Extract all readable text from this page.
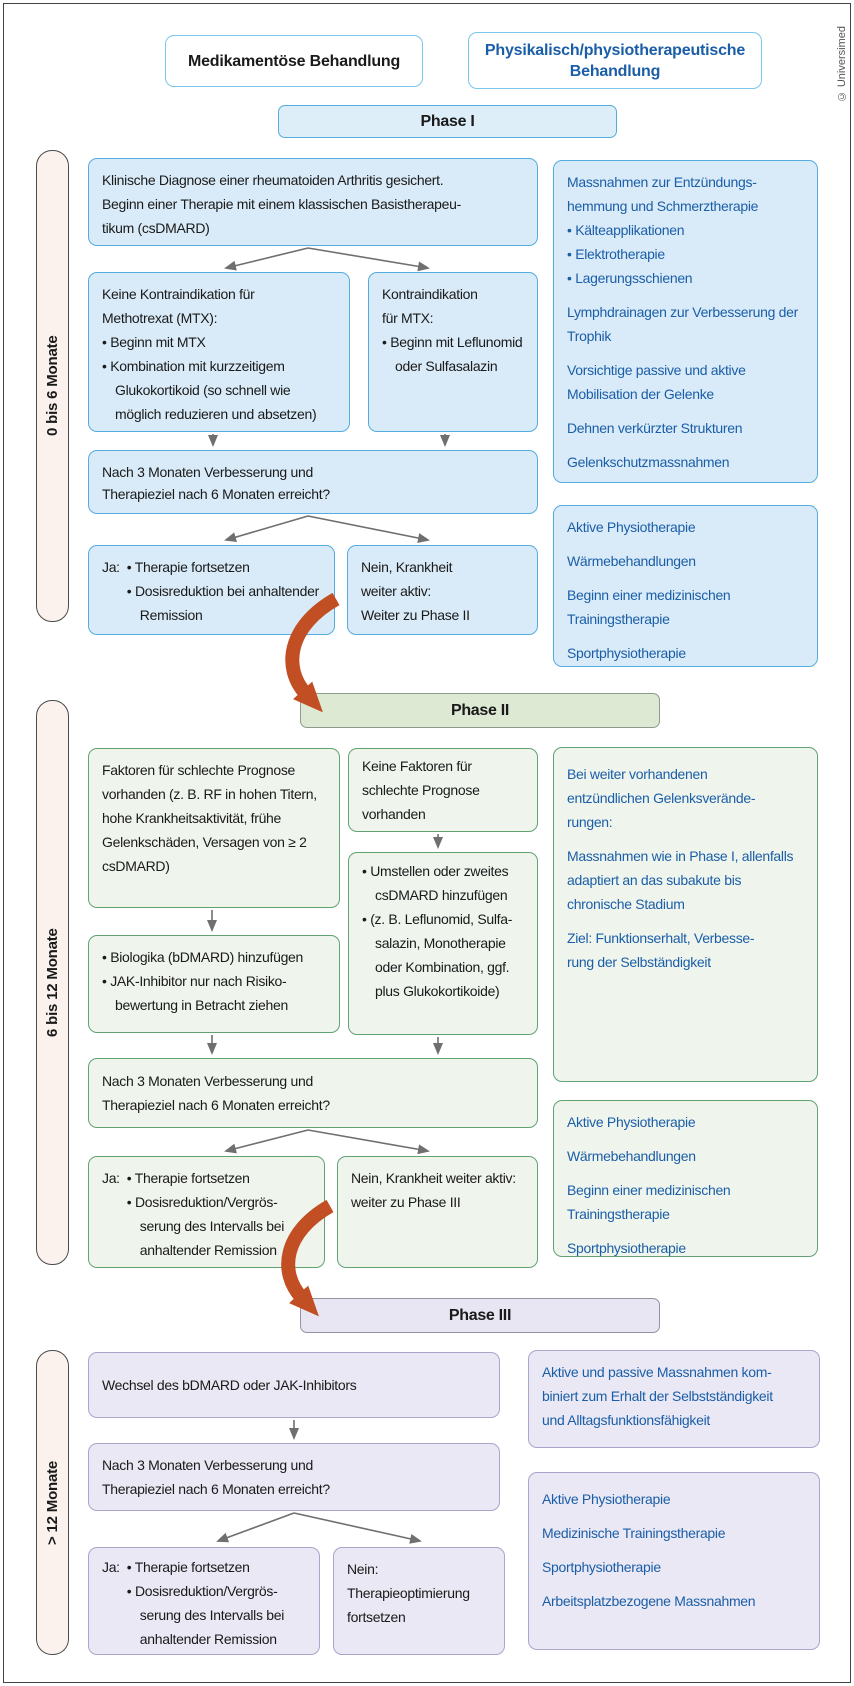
Medikamentöse Behandlung
Physikalisch/physiotherapeutische
Behandlung	© Universimed
Phase I
0 bis 6 Monate
Klinische Diagnose einer rheumatoiden Arthritis gesichert.
Beginn einer Therapie mit einem klassischen Basistherapeu-
tikum (csDMARD)
Keine Kontraindikation für
Methotrexat (MTX):
• Beginn mit MTX
• Kombination mit kurzzeitigem Glukokortikoid (so schnell wie möglich reduzieren und absetzen)
Kontraindikation
für MTX:
• Beginn mit Leflunomid oder Sulfasalazin
Nach 3 Monaten Verbesserung und
Therapieziel nach 6 Monaten erreicht?
Ja: • Therapie fortsetzen
• Dosisreduktion bei anhaltender Remission
Nein, Krankheit
weiter aktiv:
Weiter zu Phase II
Massnahmen zur Entzündungs-
hemmung und Schmerztherapie
• Kälteapplikationen
• Elektrotherapie
• Lagerungsschienen
Lymphdrainagen zur Verbesserung der Trophik
Vorsichtige passive und aktive Mobilisation der Gelenke
Dehnen verkürzter Strukturen
Gelenkschutzmassnahmen
Aktive Physiotherapie
Wärmebehandlungen
Beginn einer medizinischen Trainingstherapie
Sportphysiotherapie
Phase II
6 bis 12 Monate
Faktoren für schlechte Prognose vorhanden (z. B. RF in hohen Titern, hohe Krankheitsaktivität, frühe Gelenkschäden, Versagen von ≥ 2 csDMARD)
Keine Faktoren für schlechte Prognose vorhanden
• Biologika (bDMARD) hinzufügen
• JAK-Inhibitor nur nach Risikobewertung in Betracht ziehen
• Umstellen oder zweites csDMARD hinzufügen
• (z. B. Leflunomid, Sulfasalazin, Monotherapie oder Kombination, ggf. plus Glukokortikoide)
Nach 3 Monaten Verbesserung und
Therapieziel nach 6 Monaten erreicht?
Ja: • Therapie fortsetzen
• Dosisreduktion/Vergrösserung des Intervalls bei anhaltender Remission
Nein, Krankheit weiter aktiv:
weiter zu Phase III
Bei weiter vorhandenen
entzündlichen Gelenksverände-
rungen:
Massnahmen wie in Phase I, allenfalls adaptiert an das subakute bis chronische Stadium
Ziel: Funktionserhalt, Verbesse-
rung der Selbständigkeit
Aktive Physiotherapie
Wärmebehandlungen
Beginn einer medizinischen Trainingstherapie
Sportphysiotherapie
Phase III
> 12 Monate
Wechsel des bDMARD oder JAK-Inhibitors
Nach 3 Monaten Verbesserung und
Therapieziel nach 6 Monaten erreicht?
Ja: • Therapie fortsetzen
• Dosisreduktion/Vergrösserung des Intervalls bei anhaltender Remission
Nein:
Therapieoptimierung fortsetzen
Aktive und passive Massnahmen kom-
biniert zum Erhalt der Selbstständigkeit
und Alltagsfunktionsfähigkeit
Aktive Physiotherapie
Medizinische Trainingstherapie
Sportphysiotherapie
Arbeitsplatzbezogene Massnahmen
